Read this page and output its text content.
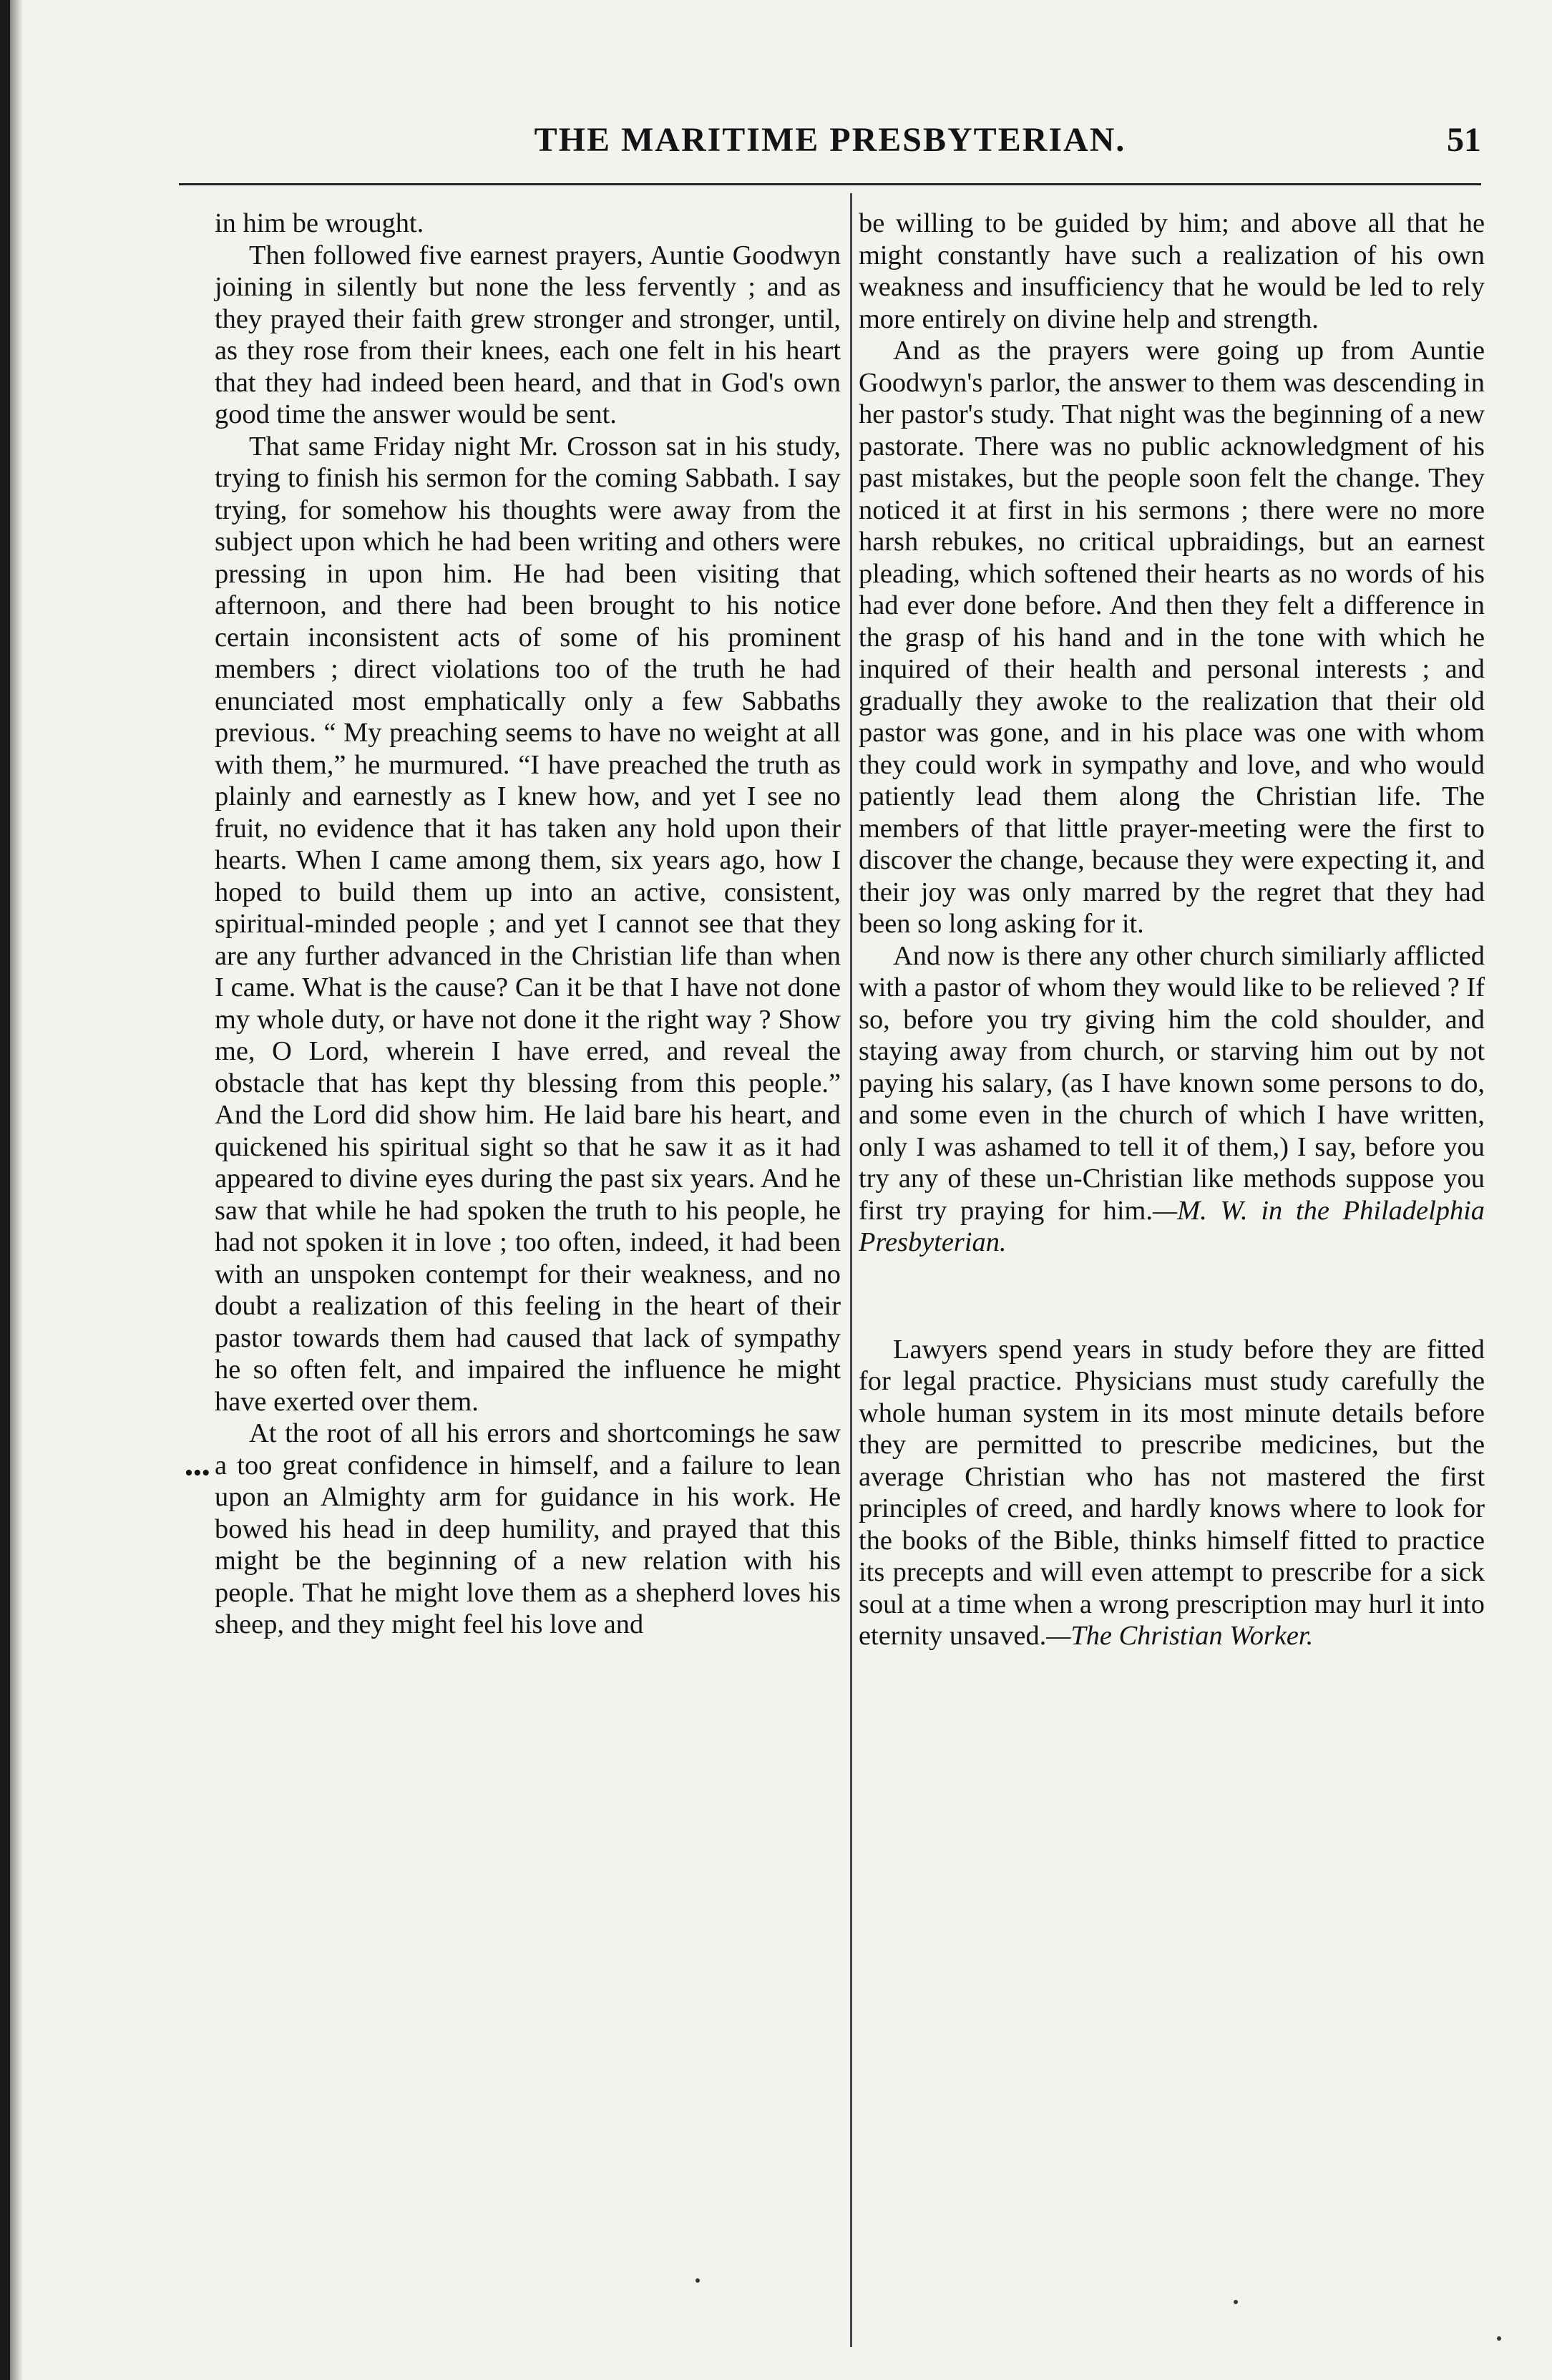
THE MARITIME PRESBYTERIAN.	51
•••

in him be wrought.

Then followed five earnest prayers, Auntie Goodwyn joining in silently but none the less fervently ; and as they prayed their faith grew stronger and stronger, until, as they rose from their knees, each one felt in his heart that they had indeed been heard, and that in God's own good time the answer would be sent.

That same Friday night Mr. Crosson sat in his study, trying to finish his sermon for the coming Sabbath. I say trying, for somehow his thoughts were away from the subject upon which he had been writing and others were pressing in upon him. He had been visiting that afternoon, and there had been brought to his notice certain inconsistent acts of some of his prominent members ; direct violations too of the truth he had enunciated most emphatically only a few Sabbaths previous. “ My preaching seems to have no weight at all with them,” he murmured. “I have preached the truth as plainly and earnestly as I knew how, and yet I see no fruit, no evidence that it has taken any hold upon their hearts. When I came among them, six years ago, how I hoped to build them up into an active, consistent, spiritual-minded people ; and yet I cannot see that they are any further advanced in the Christian life than when I came. What is the cause? Can it be that I have not done my whole duty, or have not done it the right way ? Show me, O Lord, wherein I have erred, and reveal the obstacle that has kept thy blessing from this people.” And the Lord did show him. He laid bare his heart, and quickened his spiritual sight so that he saw it as it had appeared to divine eyes during the past six years. And he saw that while he had spoken the truth to his people, he had not spoken it in love ; too often, indeed, it had been with an unspoken contempt for their weakness, and no doubt a realization of this feeling in the heart of their pastor towards them had caused that lack of sympathy he so often felt, and impaired the influence he might have exerted over them.

At the root of all his errors and shortcomings he saw a too great confidence in himself, and a failure to lean upon an Almighty arm for guidance in his work. He bowed his head in deep humility, and prayed that this might be the beginning of a new relation with his people. That he might love them as a shepherd loves his sheep, and they might feel his love and

be willing to be guided by him; and above all that he might constantly have such a realization of his own weakness and insufficiency that he would be led to rely more entirely on divine help and strength.

And as the prayers were going up from Auntie Goodwyn's parlor, the answer to them was descending in her pastor's study. That night was the beginning of a new pastorate. There was no public acknowledgment of his past mistakes, but the people soon felt the change. They noticed it at first in his sermons ; there were no more harsh rebukes, no critical upbraidings, but an earnest pleading, which softened their hearts as no words of his had ever done before. And then they felt a difference in the grasp of his hand and in the tone with which he inquired of their health and personal interests ; and gradually they awoke to the realization that their old pastor was gone, and in his place was one with whom they could work in sympathy and love, and who would patiently lead them along the Christian life. The members of that little prayer-meeting were the first to discover the change, because they were expecting it, and their joy was only marred by the regret that they had been so long asking for it.

And now is there any other church similiarly afflicted with a pastor of whom they would like to be relieved ? If so, before you try giving him the cold shoulder, and staying away from church, or starving him out by not paying his salary, (as I have known some persons to do, and some even in the church of which I have written, only I was ashamed to tell it of them,) I say, before you try any of these un-Christian like methods suppose you first try praying for him.—M. W. in the Philadelphia Presbyterian.

Lawyers spend years in study before they are fitted for legal practice. Physicians must study carefully the whole human system in its most minute details before they are permitted to prescribe medicines, but the average Christian who has not mastered the first principles of creed, and hardly knows where to look for the books of the Bible, thinks himself fitted to practice its precepts and will even attempt to prescribe for a sick soul at a time when a wrong prescription may hurl it into eternity unsaved.—The Christian Worker.
